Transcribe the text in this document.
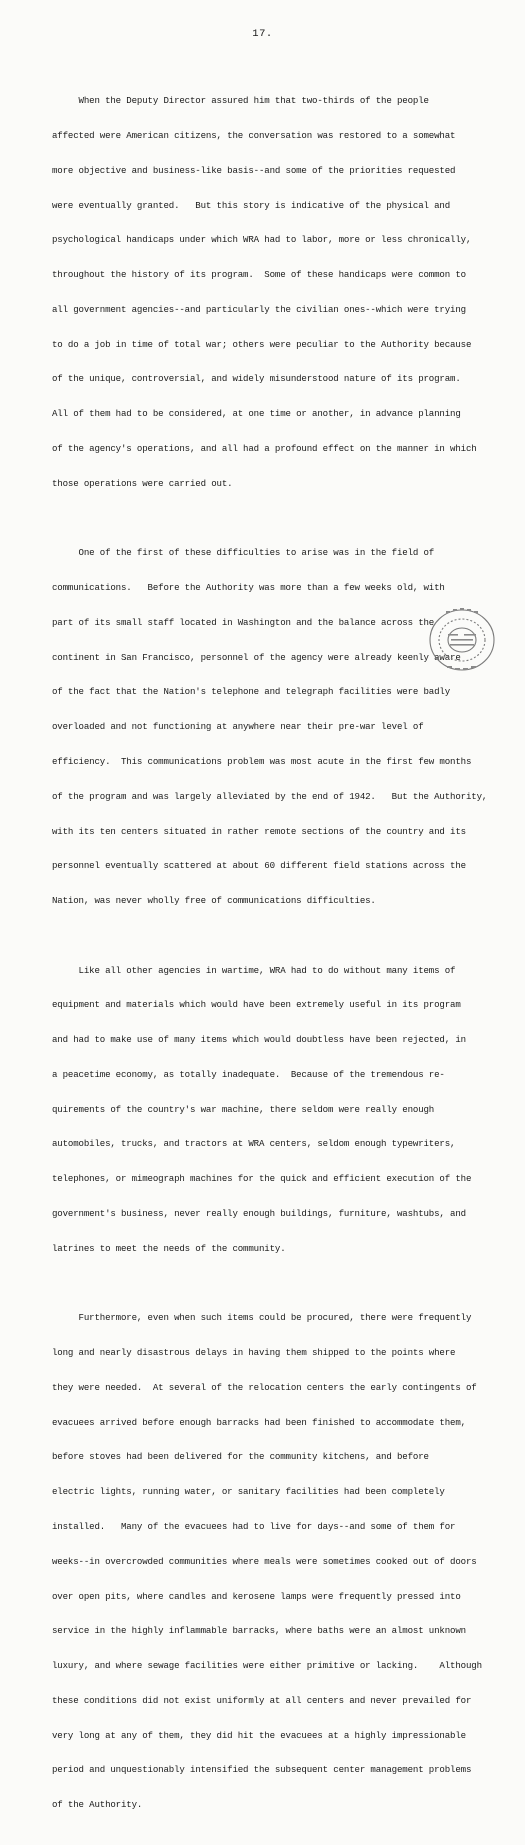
17.

When the Deputy Director assured him that two-thirds of the people

affected were American citizens, the conversation was restored to a somewhat

more objective and business-like basis--and some of the priorities requested

were eventually granted.   But this story is indicative of the physical and

psychological handicaps under which WRA had to labor, more or less chronically,

throughout the history of its program.  Some of these handicaps were common to

all government agencies--and particularly the civilian ones--which were trying

to do a job in time of total war; others were peculiar to the Authority because

of the unique, controversial, and widely misunderstood nature of its program.

All of them had to be considered, at one time or another, in advance planning

of the agency's operations, and all had a profound effect on the manner in which

those operations were carried out.

One of the first of these difficulties to arise was in the field of

communications.   Before the Authority was more than a few weeks old, with

part of its small staff located in Washington and the balance across the

continent in San Francisco, personnel of the agency were already keenly aware

of the fact that the Nation's telephone and telegraph facilities were badly

overloaded and not functioning at anywhere near their pre-war level of

efficiency.  This communications problem was most acute in the first few months

of the program and was largely alleviated by the end of 1942.   But the Authority,

with its ten centers situated in rather remote sections of the country and its

personnel eventually scattered at about 60 different field stations across the

Nation, was never wholly free of communications difficulties.

Like all other agencies in wartime, WRA had to do without many items of

equipment and materials which would have been extremely useful in its program

and had to make use of many items which would doubtless have been rejected, in

a peacetime economy, as totally inadequate.  Because of the tremendous re-

quirements of the country's war machine, there seldom were really enough

automobiles, trucks, and tractors at WRA centers, seldom enough typewriters,

telephones, or mimeograph machines for the quick and efficient execution of the

government's business, never really enough buildings, furniture, washtubs, and

latrines to meet the needs of the community.

Furthermore, even when such items could be procured, there were frequently

long and nearly disastrous delays in having them shipped to the points where

they were needed.  At several of the relocation centers the early contingents of

evacuees arrived before enough barracks had been finished to accommodate them,

before stoves had been delivered for the community kitchens, and before

electric lights, running water, or sanitary facilities had been completely

installed.   Many of the evacuees had to live for days--and some of them for

weeks--in overcrowded communities where meals were sometimes cooked out of doors

over open pits, where candles and kerosene lamps were frequently pressed into

service in the highly inflammable barracks, where baths were an almost unknown

luxury, and where sewage facilities were either primitive or lacking.    Although

these conditions did not exist uniformly at all centers and never prevailed for

very long at any of them, they did hit the evacuees at a highly impressionable

period and unquestionably intensified the subsequent center management problems

of the Authority.
